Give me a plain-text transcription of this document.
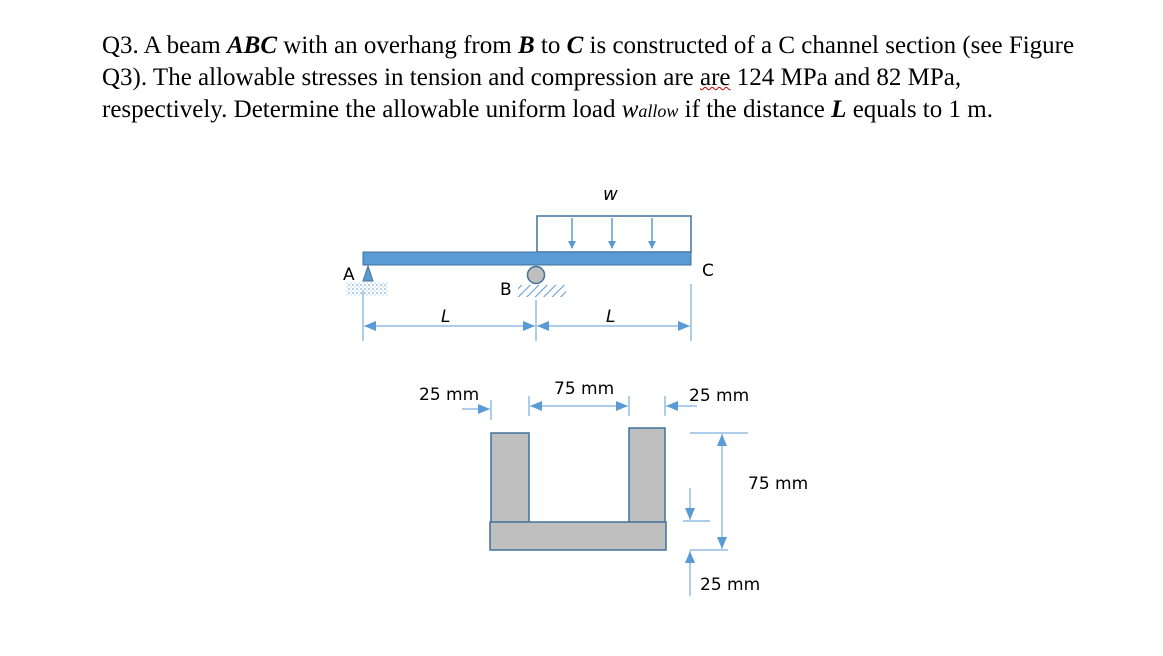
Q3. A beam ABC with an overhang from B to C is constructed of a C channel section (see Figure Q3). The allowable stresses in tension and compression are are 124 MPa and 82 MPa, respectively. Determine the allowable uniform load wallow if the distance L equals to 1 m.
w
A
B
C
L	L
25 mm	75 mm	25 mm
75 mm
25 mm
